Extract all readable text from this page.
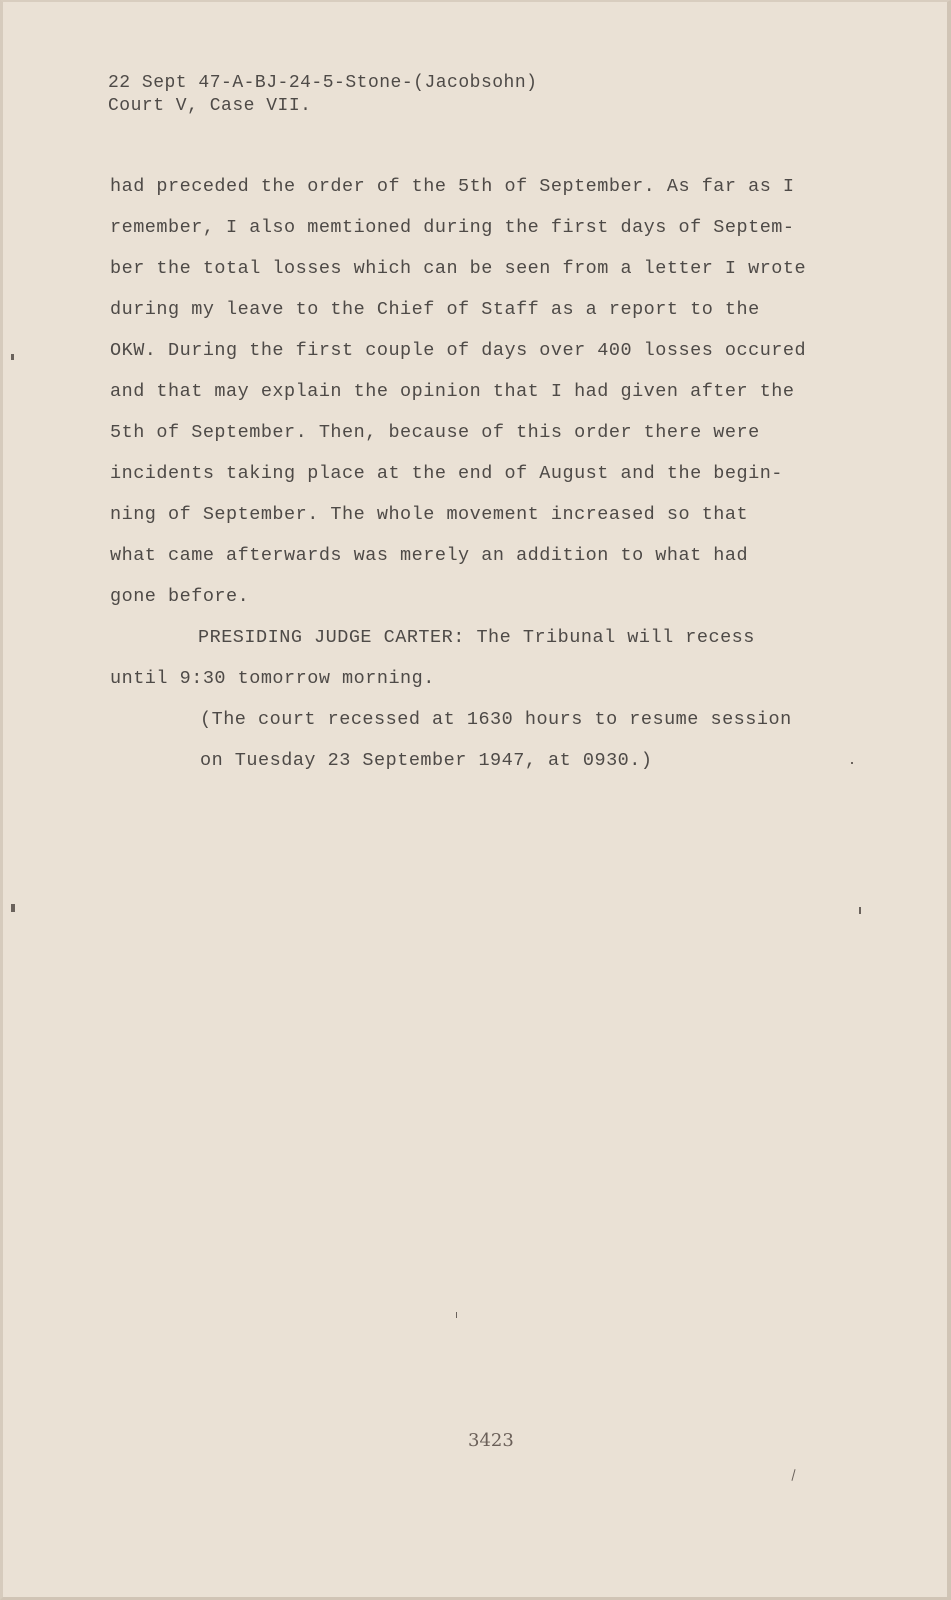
22 Sept 47-A-BJ-24-5-Stone-(Jacobsohn)
Court V, Case VII.
had preceded the order of the 5th of September. As far as I
remember, I also memtioned during the first days of Septem-
ber the total losses which can be seen from a letter I wrote
during my leave to the Chief of Staff as a report to the
OKW. During the first couple of days over 400 losses occured
and that may explain the opinion that I had given after the
5th of September. Then, because of this order there were
incidents taking place at the end of August and the begin-
ning of September. The whole movement increased so that
what came afterwards was merely an addition to what had
gone before.
PRESIDING JUDGE CARTER: The Tribunal will recess
until 9:30 tomorrow morning.
(The court recessed at 1630 hours to resume session
on Tuesday 23 September 1947, at 0930.)
3423
